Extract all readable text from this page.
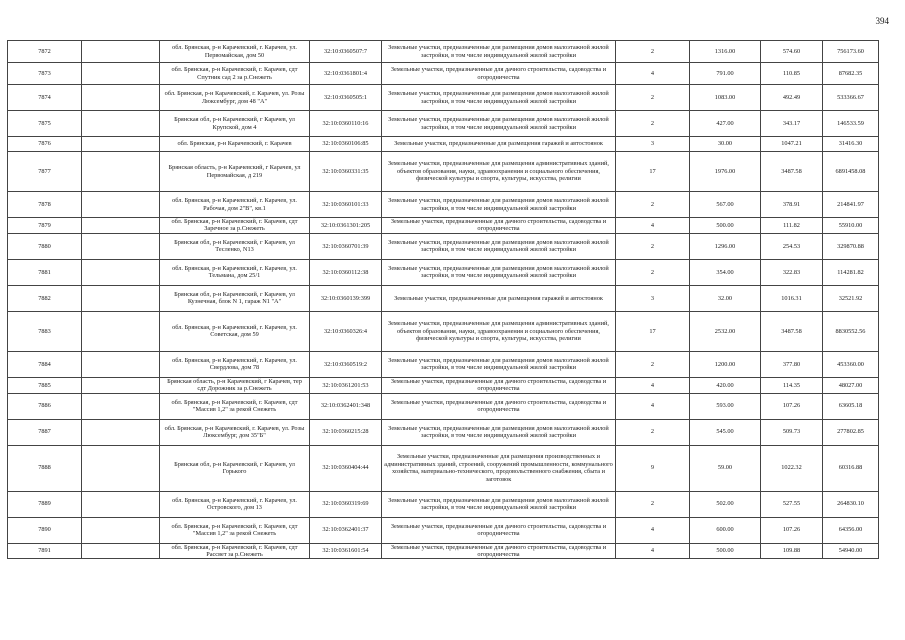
394
7872		обл. Брянская, р-н Карачевский, г. Карачев, ул. Первомайская, дом 50	32:10:0360507:7	Земельные участки, предназначенные для размещения домов малоэтажной жилой застройки, в том числе индивидуальной жилой застройки	2	1316.00	574.60	756173.60
7873		обл. Брянская, р-н Карачевский, г. Карачев, сдт Спутник сад 2 за р.Снежеть	32:10:0361801:4	Земельные участки, предназначенные для дачного строительства, садоводства и огородничества	4	791.00	110.85	87682.35
7874		обл. Брянская, р-н Карачевский, г. Карачев, ул. Розы Люксембург, дом 48 "А"	32:10:0360505:1	Земельные участки, предназначенные для размещения домов малоэтажной жилой застройки, в том числе индивидуальной жилой застройки	2	1083.00	492.49	533366.67
7875		Брянская обл, р-н Карачевский, г Карачев, ул Крупской, дом 4	32:10:0360110:16	Земельные участки, предназначенные для размещения домов малоэтажной жилой застройки, в том числе индивидуальной жилой застройки	2	427.00	343.17	146533.59
7876		обл. Брянская, р-н Карачевский, г. Карачев	32:10:0360106:85	Земельные участки, предназначенные для размещения гаражей и автостоянок	3	30.00	1047.21	31416.30
7877		Брянская область, р-н Карачевский, г Карачев, ул Первомайская, д 219	32:10:0360331:35	Земельные участки, предназначенные для размещения административных зданий, объектов образования, науки, здравоохранения и социального обеспечения, физической культуры и спорта, культуры, искусства, религии	17	1976.00	3487.58	6891458.08
7878		обл. Брянская, р-н Карачевский, г. Карачев, ул. Рабочая, дом 2"В", кв.1	32:10:0360101:33	Земельные участки, предназначенные для размещения домов малоэтажной жилой застройки, в том числе индивидуальной жилой застройки	2	567.00	378.91	214841.97
7879		обл. Брянская, р-н Карачевский, г. Карачев, сдт Заречное за р.Снежеть	32:10:0361301:205	Земельные участки, предназначенные для дачного строительства, садоводства и огородничества	4	500.00	111.82	55910.00
7880		Брянская обл, р-н Карачевский, г Карачев, ул Тесленко, N13	32:10:0360701:39	Земельные участки, предназначенные для размещения домов малоэтажной жилой застройки, в том числе индивидуальной жилой застройки	2	1296.00	254.53	329870.88
7881		обл. Брянская, р-н Карачевский, г. Карачев, ул. Тельмана, дом 25/1	32:10:0360112:38	Земельные участки, предназначенные для размещения домов малоэтажной жилой застройки, в том числе индивидуальной жилой застройки	2	354.00	322.83	114281.82
7882		Брянская обл, р-н Карачевский, г Карачев, ул Кузнечная, блок N 1, гараж N1 "А"	32:10:0360139:399	Земельные участки, предназначенные для размещения гаражей и автостоянок	3	32.00	1016.31	32521.92
7883		обл. Брянская, р-н Карачевский, г. Карачев, ул. Советская, дом 59	32:10:0360326:4	Земельные участки, предназначенные для размещения административных зданий, объектов образования, науки, здравоохранения и социального обеспечения, физической культуры и спорта, культуры, искусства, религии	17	2532.00	3487.58	8830552.56
7884		обл. Брянская, р-н Карачевский, г. Карачев, ул. Свердлова, дом 78	32:10:0360519:2	Земельные участки, предназначенные для размещения домов малоэтажной жилой застройки, в том числе индивидуальной жилой застройки	2	1200.00	377.80	453360.00
7885		Брянская область, р-н Карачевский, г Карачев, тер сдт Дорожник за р.Снежеть	32:10:0361201:53	Земельные участки, предназначенные для дачного строительства, садоводства и огородничества	4	420.00	114.35	48027.00
7886		обл. Брянская, р-н Карачевский, г. Карачев, сдт "Массив 1,2" за рекой Снежеть	32:10:0362401:348	Земельные участки, предназначенные для дачного строительства, садоводства и огородничества	4	593.00	107.26	63605.18
7887		обл. Брянская, р-н Карачевский, г. Карачев, ул. Розы Люксембург, дом 35"Б"	32:10:0360215:28	Земельные участки, предназначенные для размещения домов малоэтажной жилой застройки, в том числе индивидуальной жилой застройки	2	545.00	509.73	277802.85
7888		Брянская обл, р-н Карачевский, г Карачев, ул Горького	32:10:0360404:44	Земельные участки, предназначенные для размещения производственных и административных зданий, строений, сооружений промышленности, коммунального хозяйства, материально-технического, продовольственного снабжения, сбыта и заготовок	9	59.00	1022.32	60316.88
7889		обл. Брянская, р-н Карачевский, г. Карачев, ул. Островского, дом 13	32:10:0360319:69	Земельные участки, предназначенные для размещения домов малоэтажной жилой застройки, в том числе индивидуальной жилой застройки	2	502.00	527.55	264830.10
7890		обл. Брянская, р-н Карачевский, г. Карачев, сдт "Массив 1,2" за рекой Снежеть	32:10:0362401:37	Земельные участки, предназначенные для дачного строительства, садоводства и огородничества	4	600.00	107.26	64356.00
7891		обл. Брянская, р-н Карачевский, г. Карачев, сдт Рассвет за р.Снежеть	32:10:0361601:54	Земельные участки, предназначенные для дачного строительства, садоводства и огородничества	4	500.00	109.88	54940.00
